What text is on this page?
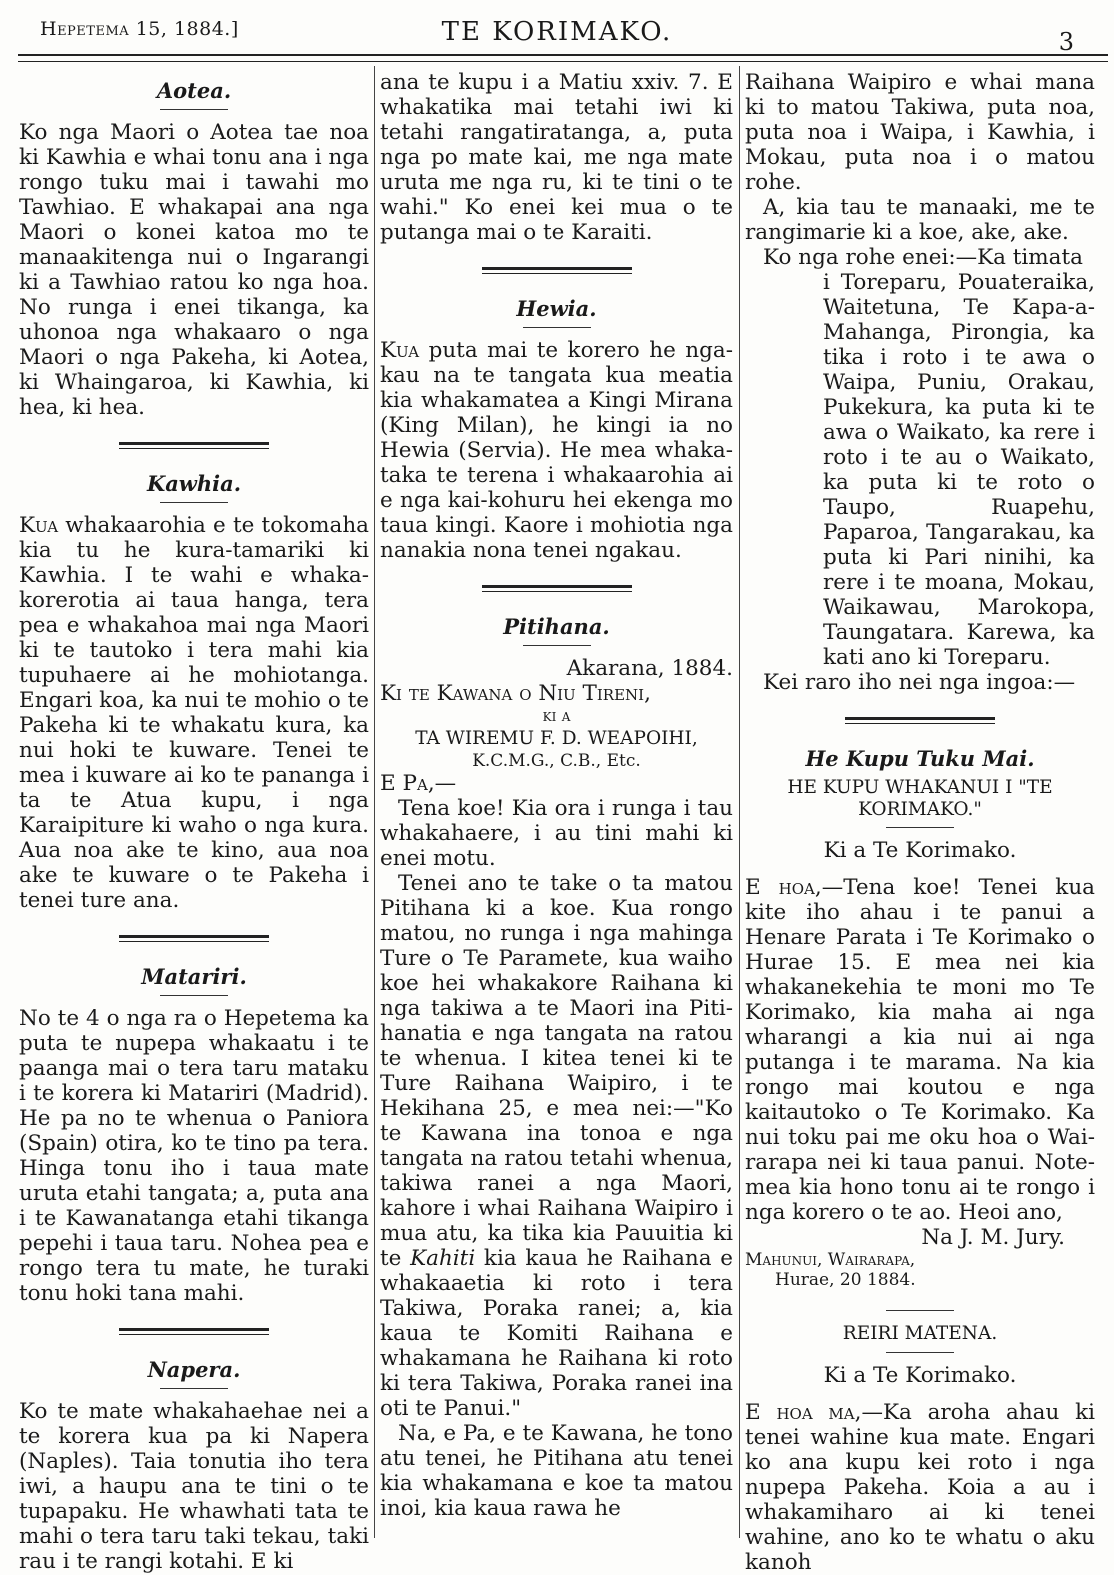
Hepetema 15, 1884.]	TE KORIMAKO.	3
Aotea.

Ko nga Maori o Aotea tae noa ki Kawhia e whai tonu ana i nga rongo tuku mai i tawahi mo Tawhiao. E whakapai ana nga Maori o konei katoa mo te manaakitenga nui o Ingarangi ki a Tawhiao ratou ko nga hoa. No runga i enei tikanga, ka uhonoa nga whakaaro o nga Maori o nga Pakeha, ki Aotea, ki Whaingaroa, ki Kawhia, ki hea, ki hea.

Kawhia.

Kua whakaarohia e te tokomaha kia tu he kura-tamariki ki Kawhia. I te wahi e whakakorerotia ai taua hanga, tera pea e whakahoa mai nga Maori ki te tautoko i tera mahi kia tupuhaere ai he mohiotanga. Engari koa, ka nui te mohio o te Pakeha ki te whakatu kura, ka nui hoki te kuware. Tenei te mea i kuware ai ko te pananga i ta te Atua kupu, i nga Karaipiture ki waho o nga kura. Aua noa ake te kino, aua noa ake te kuware o te Pakeha i tenei ture ana.

Matariri.

No te 4 o nga ra o Hepetema ka puta te nupepa whakaatu i te paanga mai o tera taru mataku i te korera ki Matariri (Madrid). He pa no te whenua o Paniora (Spain) otira, ko te tino pa tera. Hinga tonu iho i taua mate uruta etahi tangata; a, puta ana i te Kawanatanga etahi tikanga pepehi i taua taru. Nohea pea e rongo tera tu mate, he turaki tonu hoki tana mahi.

Napera.

Ko te mate whakahaehae nei a te korera kua pa ki Napera (Naples). Taia tonutia iho tera iwi, a haupu ana te tini o te tupapaku. He whawhati tata te mahi o tera taru taki tekau, taki rau i te rangi kotahi. E ki

ana te kupu i a Matiu xxiv. 7. E whakatika mai tetahi iwi ki tetahi rangatiratanga, a, puta nga po mate kai, me nga mate uruta me nga ru, ki te tini o te wahi." Ko enei kei mua o te putanga mai o te Karaiti.

Hewia.

Kua puta mai te korero he ngakau na te tangata kua meatia kia whakamatea a Kingi Mirana (King Milan), he kingi ia no Hewia (Servia). He mea whakataka te terena i whakaarohia ai e nga kai-kohuru hei ekenga mo taua kingi. Kaore i mohiotia nga nanakia nona tenei ngakau.

Pitihana.

Akarana, 1884.

Ki te Kawana o Niu Tireni,

ki a

TA WIREMU F. D. WEAPOIHI,

K.C.M.G., C.B., Etc.

E Pa,—

Tena koe! Kia ora i runga i tau whakahaere, i au tini mahi ki enei motu.

Tenei ano te take o ta matou Pitihana ki a koe. Kua rongo matou, no runga i nga mahinga Ture o Te Paramete, kua waiho koe hei whakakore Raihana ki nga takiwa a te Maori ina Pitihanatia e nga tangata na ratou te whenua. I kitea tenei ki te Ture Raihana Waipiro, i te Hekihana 25, e mea nei:—"Ko te Kawana ina tonoa e nga tangata na ratou tetahi whenua, takiwa ranei a nga Maori, kahore i whai Raihana Waipiro i mua atu, ka tika kia Pauuitia ki te Kahiti kia kaua he Raihana e whakaaetia ki roto i tera Takiwa, Poraka ranei; a, kia kaua te Komiti Raihana e whakamana he Raihana ki roto ki tera Takiwa, Poraka ranei ina oti te Panui."

Na, e Pa, e te Kawana, he tono atu tenei, he Pitihana atu tenei kia whakamana e koe ta matou inoi, kia kaua rawa he

Raihana Waipiro e whai mana ki to matou Takiwa, puta noa, puta noa i Waipa, i Kawhia, i Mokau, puta noa i o matou rohe.

A, kia tau te manaaki, me te rangimarie ki a koe, ake, ake.

Ko nga rohe enei:—Ka timata

i Toreparu, Pouateraika, Waitetuna, Te Kapa-a-Mahanga, Pirongia, ka tika i roto i te awa o Waipa, Puniu, Orakau, Pukekura, ka puta ki te awa o Waikato, ka rere i roto i te au o Waikato, ka puta ki te roto o Taupo, Ruapehu, Paparoa, Tangarakau, ka puta ki Pari ninihi, ka rere i te moana, Mokau, Waikawau, Marokopa, Taungatara. Karewa, ka kati ano ki Toreparu.

Kei raro iho nei nga ingoa:—

He Kupu Tuku Mai.
HE KUPU WHAKANUI I "TE KORIMAKO."

Ki a Te Korimako.

E hoa,—Tena koe! Tenei kua kite iho ahau i te panui a Henare Parata i Te Korimako o Hurae 15. E mea nei kia whakanekehia te moni mo Te Korimako, kia maha ai nga wharangi a kia nui ai nga putanga i te marama. Na kia rongo mai koutou e nga kaitautoko o Te Korimako. Ka nui toku pai me oku hoa o Wairarapa nei ki taua panui. Notemea kia hono tonu ai te rongo i nga korero o te ao. Heoi ano,

Na J. M. Jury.

Mahunui, Wairarapa,

Hurae, 20 1884.

REIRI MATENA.

Ki a Te Korimako.

E hoa ma,—Ka aroha ahau ki tenei wahine kua mate. Engari ko ana kupu kei roto i nga nupepa Pakeha. Koia a au i whakamiharo ai ki tenei wahine, ano ko te whatu o aku kanoh
